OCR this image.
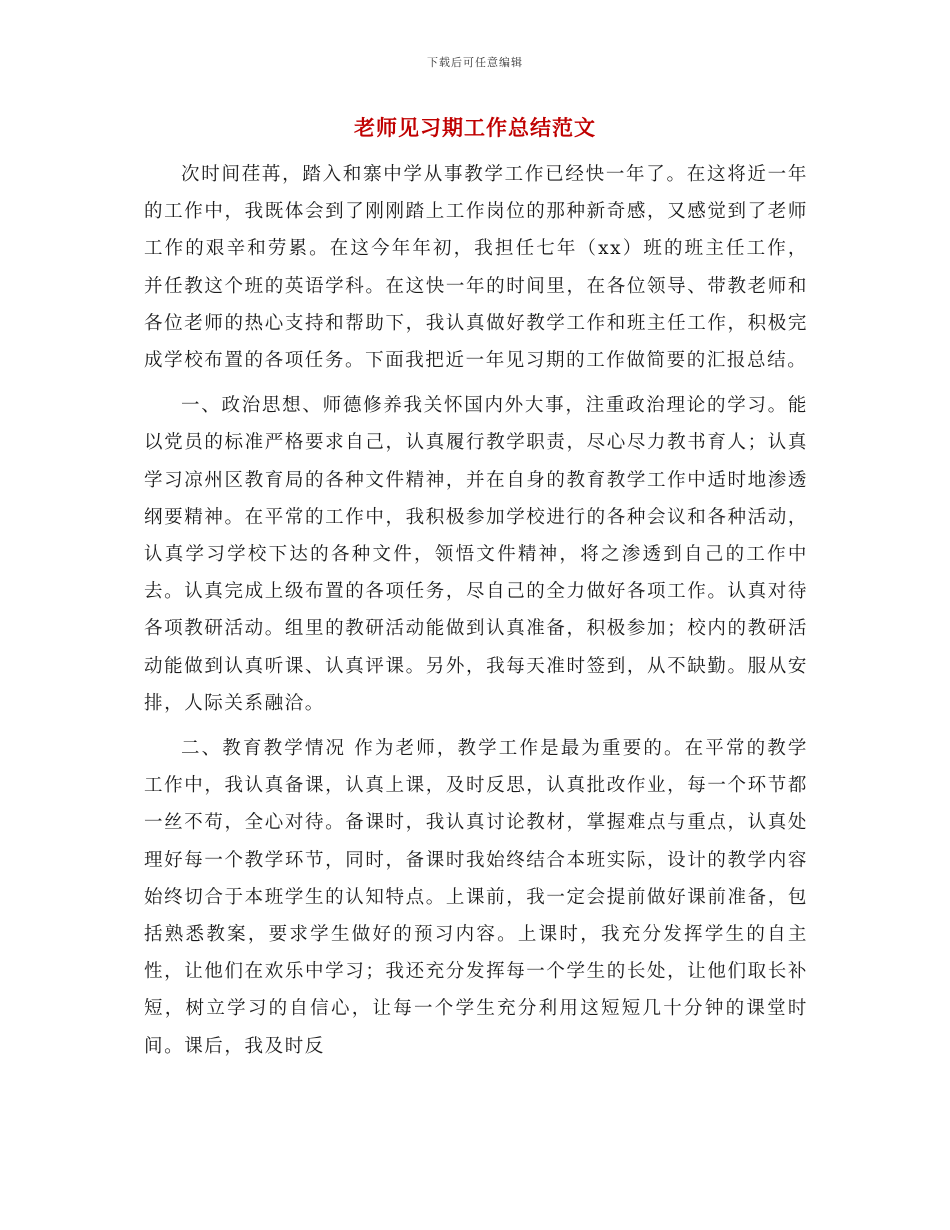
下载后可任意编辑
老师见习期工作总结范文

次时间荏苒，踏入和寨中学从事教学工作已经快一年了。在这将近一年的工作中，我既体会到了刚刚踏上工作岗位的那种新奇感，又感觉到了老师工作的艰辛和劳累。在这今年年初，我担任七年（xx）班的班主任工作，并任教这个班的英语学科。在这快一年的时间里，在各位领导、带教老师和各位老师的热心支持和帮助下，我认真做好教学工作和班主任工作，积极完成学校布置的各项任务。下面我把近一年见习期的工作做简要的汇报总结。

一、政治思想、师德修养我关怀国内外大事，注重政治理论的学习。能以党员的标准严格要求自己，认真履行教学职责，尽心尽力教书育人；认真学习凉州区教育局的各种文件精神，并在自身的教育教学工作中适时地渗透纲要精神。在平常的工作中，我积极参加学校进行的各种会议和各种活动，认真学习学校下达的各种文件，领悟文件精神，将之渗透到自己的工作中去。认真完成上级布置的各项任务，尽自己的全力做好各项工作。认真对待各项教研活动。组里的教研活动能做到认真准备，积极参加；校内的教研活动能做到认真听课、认真评课。另外，我每天准时签到，从不缺勤。服从安排，人际关系融洽。

二、教育教学情况 作为老师，教学工作是最为重要的。在平常的教学工作中，我认真备课，认真上课，及时反思，认真批改作业，每一个环节都一丝不苟，全心对待。备课时，我认真讨论教材，掌握难点与重点，认真处理好每一个教学环节，同时，备课时我始终结合本班实际，设计的教学内容始终切合于本班学生的认知特点。上课前，我一定会提前做好课前准备，包括熟悉教案，要求学生做好的预习内容。上课时，我充分发挥学生的自主性，让他们在欢乐中学习；我还充分发挥每一个学生的长处，让他们取长补短，树立学习的自信心，让每一个学生充分利用这短短几十分钟的课堂时间。课后，我及时反
